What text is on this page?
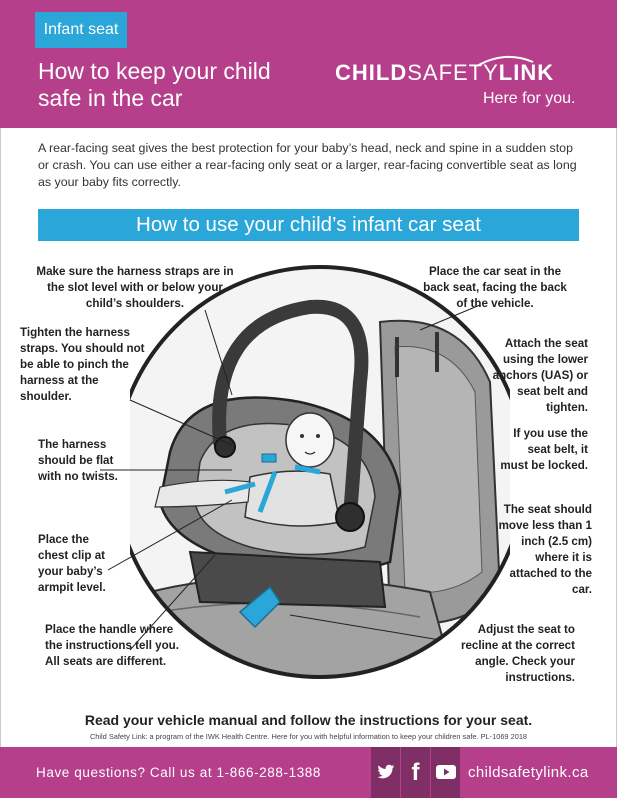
Infant seat
How to keep your child safe in the car
CHILDSAFETYLINK
Here for you.
A rear-facing seat gives the best protection for your baby’s head, neck and spine in a sudden stop or crash. You can use either a rear-facing only seat or a larger, rear-facing convertible seat as long as your baby fits correctly.
How to use your child’s infant car seat
Make sure the harness straps are in the slot level with or below your child’s shoulders.
Tighten the harness straps. You should not be able to pinch the harness at the shoulder.
The harness should be flat with no twists.
Place the chest clip at your baby’s armpit level.
Place the handle where the instructions tell you. All seats are different.
Place the car seat in the back seat, facing the back of the vehicle.
Attach the seat using the lower anchors (UAS) or seat belt and tighten.
If you use the seat belt, it must be locked.
The seat should move less than 1 inch (2.5 cm) where it is attached to the car.
Adjust the seat to recline at the correct angle. Check your instructions.
Read your vehicle manual and follow the instructions for your seat.
Child Safety Link: a program of the IWK Health Centre. Here for you with helpful information to keep your children safe. PL-1069 2018
Have questions? Call us at 1-866-288-1388	f	childsafetylink.ca
